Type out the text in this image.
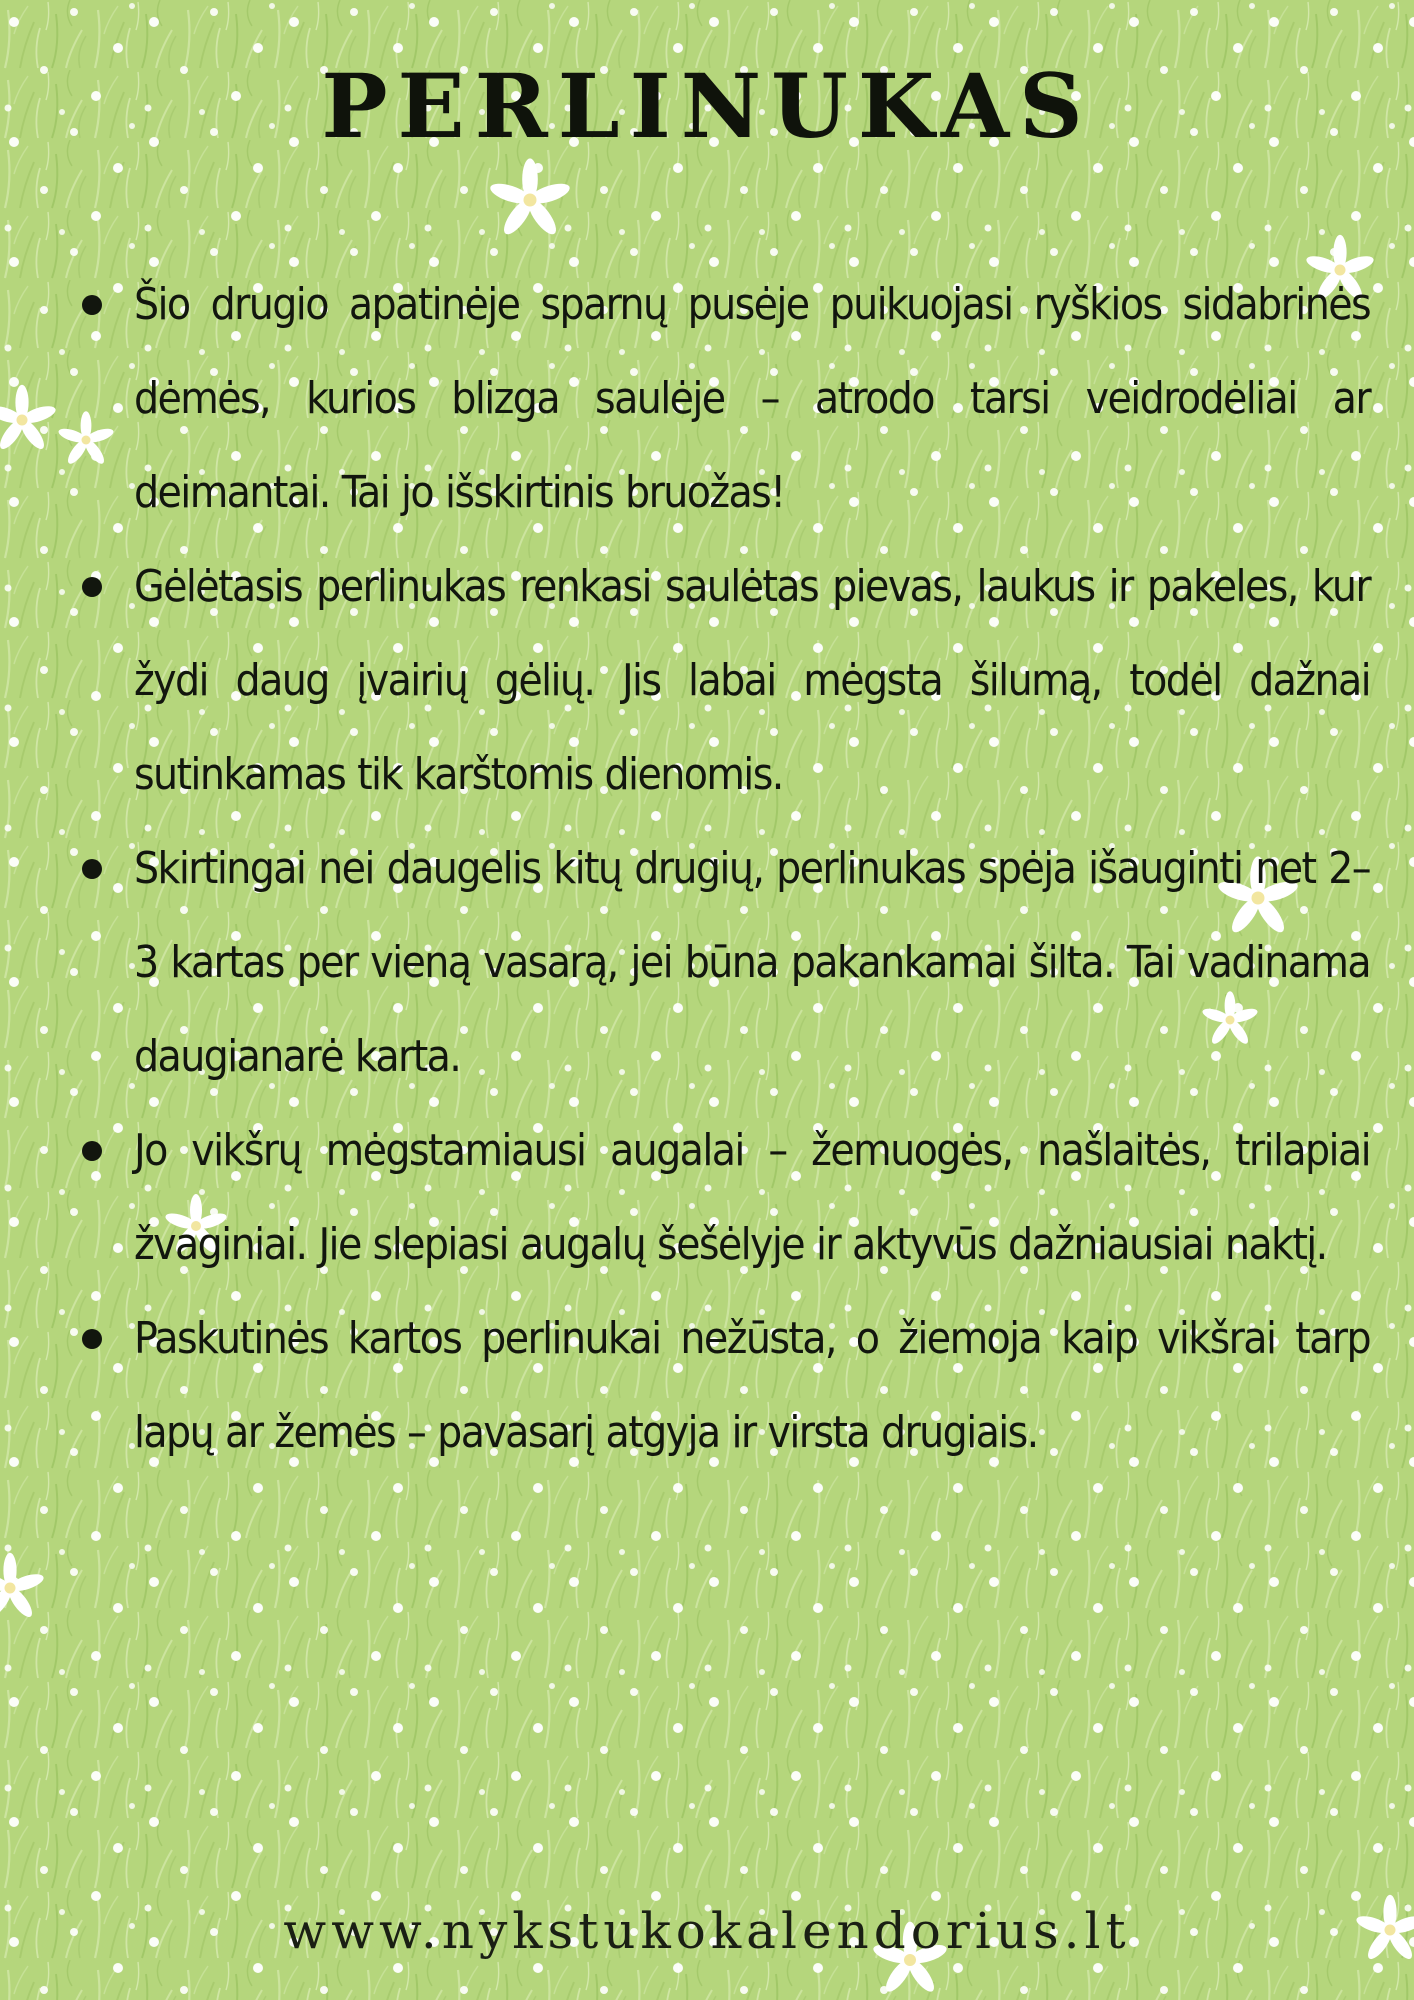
PERLINUKAS
Šio drugio apatinėje sparnų pusėje puikuojasi ryškios sidabrinės dėmės, kurios blizga saulėje – atrodo tarsi veidrodėliai ar deimantai. Tai jo išskirtinis bruožas!
Gėlėtasis perlinukas renkasi saulėtas pievas, laukus ir pakeles, kur žydi daug įvairių gėlių. Jis labai mėgsta šilumą, todėl dažnai sutinkamas tik karštomis dienomis.
Skirtingai nei daugelis kitų drugių, perlinukas spėja išauginti net 2–3 kartas per vieną vasarą, jei būna pakankamai šilta. Tai vadinama daugianarė karta.
Jo vikšrų mėgstamiausi augalai – žemuogės, našlaitės, trilapiai žvaginiai. Jie slepiasi augalų šešėlyje ir aktyvūs dažniausiai naktį.
Paskutinės kartos perlinukai nežūsta, o žiemoja kaip vikšrai tarp lapų ar žemės – pavasarį atgyja ir virsta drugiais.
www.nykstukokalendorius.lt
